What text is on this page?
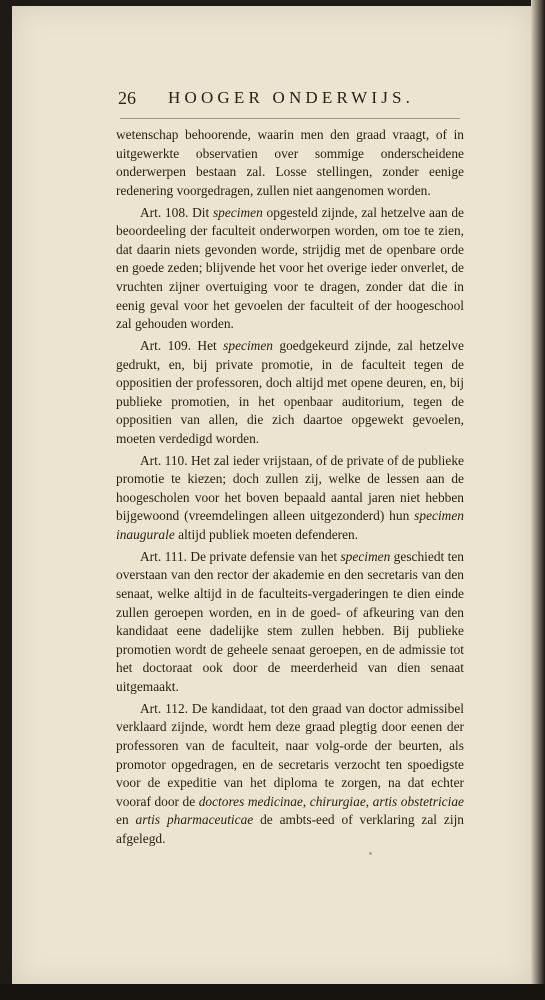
26 HOOGER ONDERWIJS.

wetenschap behoorende, waarin men den graad vraagt, of in uitgewerkte observatien over sommige onderscheidene onderwerpen bestaan zal. Losse stellingen, zonder eenige redenering voorgedragen, zullen niet aangenomen worden.

Art. 108. Dit specimen opgesteld zijnde, zal hetzelve aan de beoordeeling der faculteit onderworpen worden, om toe te zien, dat daarin niets gevonden worde, strijdig met de openbare orde en goede zeden; blijvende het voor het overige ieder onverlet, de vruchten zijner overtuiging voor te dragen, zonder dat die in eenig geval voor het gevoelen der faculteit of der hoogeschool zal gehouden worden.

Art. 109. Het specimen goedgekeurd zijnde, zal hetzelve gedrukt, en, bij private promotie, in de faculteit tegen de oppositien der professoren, doch altijd met opene deuren, en, bij publieke promotien, in het openbaar auditorium, tegen de oppositien van allen, die zich daartoe opgewekt gevoelen, moeten verdedigd worden.

Art. 110. Het zal ieder vrijstaan, of de private of de publieke promotie te kiezen; doch zullen zij, welke de lessen aan de hoogescholen voor het boven bepaald aantal jaren niet hebben bijgewoond (vreemdelingen alleen uitgezonderd) hun specimen inaugurale altijd publiek moeten defenderen.

Art. 111. De private defensie van het specimen geschiedt ten overstaan van den rector der akademie en den secretaris van den senaat, welke altijd in de faculteits-vergaderingen te dien einde zullen geroepen worden, en in de goed- of afkeuring van den kandidaat eene dadelijke stem zullen hebben. Bij publieke promotien wordt de geheele senaat geroepen, en de admissie tot het doctoraat ook door de meerderheid van dien senaat uitgemaakt.

Art. 112. De kandidaat, tot den graad van doctor admissibel verklaard zijnde, wordt hem deze graad plegtig door eenen der professoren van de faculteit, naar volg-orde der beurten, als promotor opgedragen, en de secretaris verzocht ten spoedigste voor de expeditie van het diploma te zorgen, na dat echter vooraf door de doctores medicinae, chirurgiae, artis obstetriciae en artis pharmaceuticae de ambts-eed of verklaring zal zijn afgelegd.
